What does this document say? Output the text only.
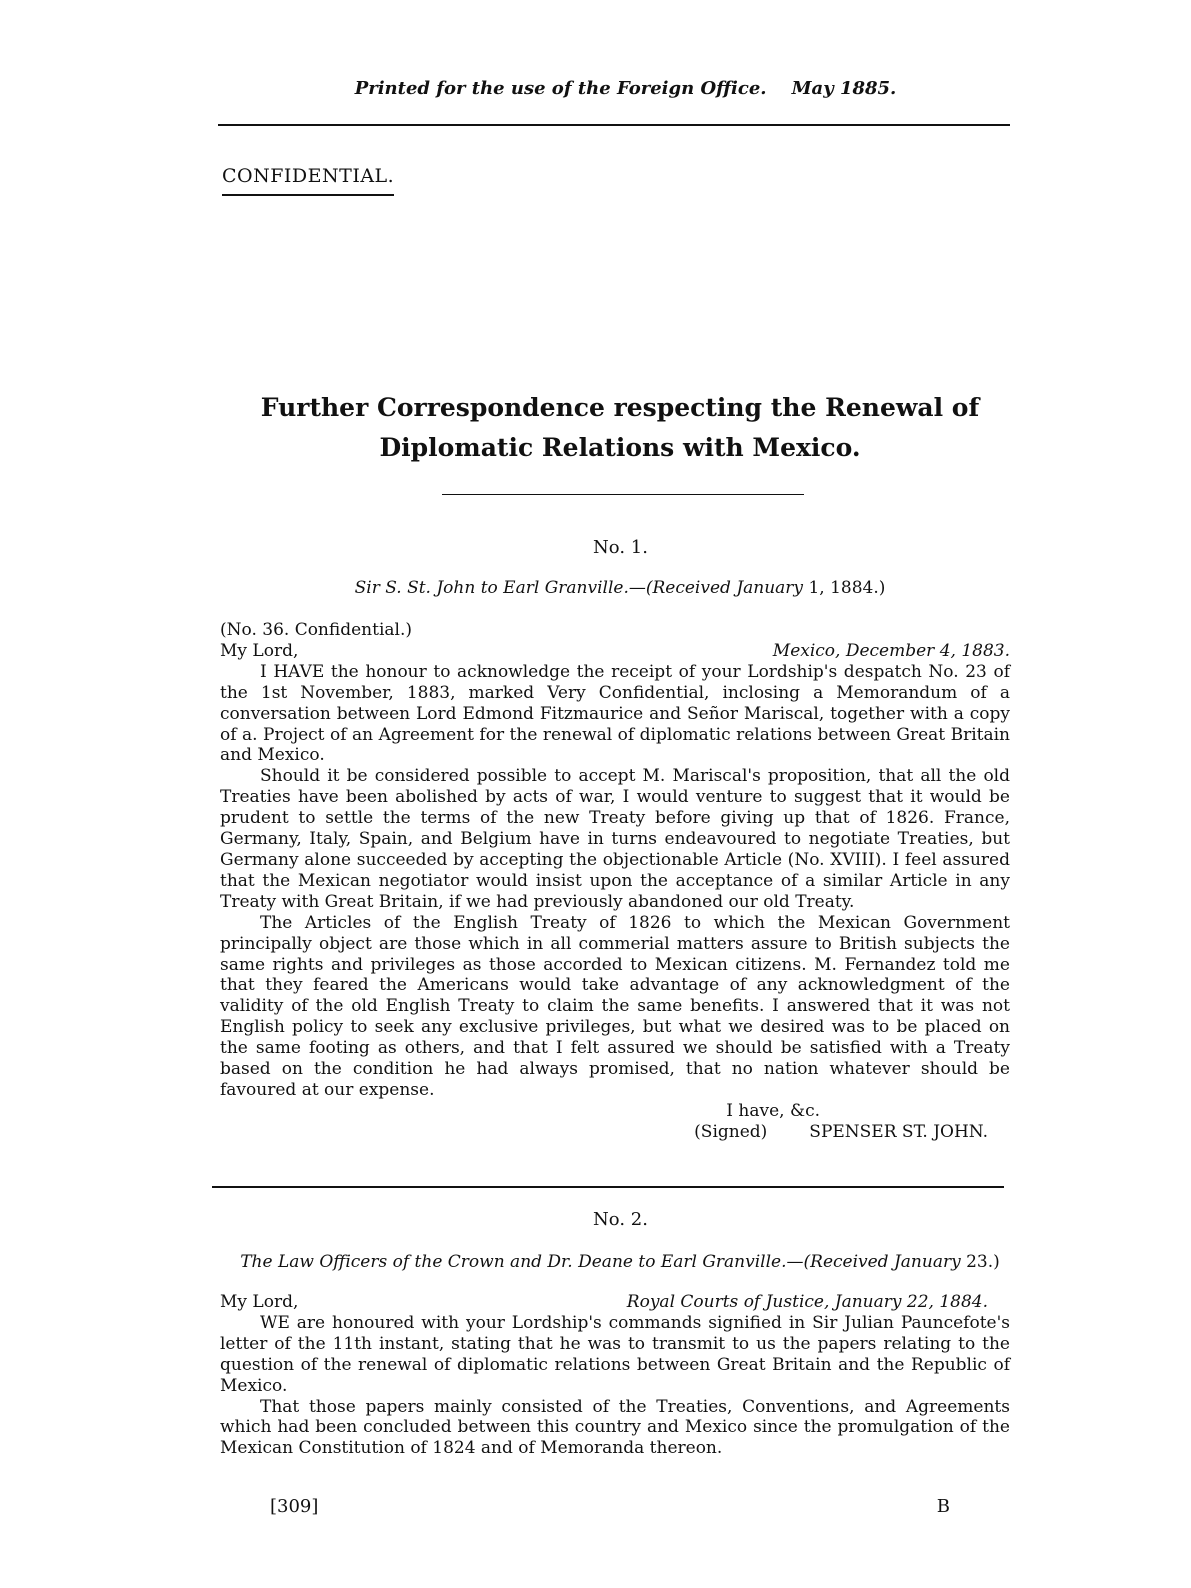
Printed for the use of the Foreign Office. May 1885.
CONFIDENTIAL.
Further Correspondence respecting the Renewal of Diplomatic Relations with Mexico.
No. 1.
Sir S. St. John to Earl Granville.—(Received January 1, 1884.)

(No. 36. Confidential.)

My Lord,	Mexico, December 4, 1883.

I HAVE the honour to acknowledge the receipt of your Lordship's despatch No. 23 of the 1st November, 1883, marked Very Confidential, inclosing a Memorandum of a conversation between Lord Edmond Fitzmaurice and Señor Mariscal, together with a copy of a. Project of an Agreement for the renewal of diplomatic relations between Great Britain and Mexico.

Should it be considered possible to accept M. Mariscal's proposition, that all the old Treaties have been abolished by acts of war, I would venture to suggest that it would be prudent to settle the terms of the new Treaty before giving up that of 1826. France, Germany, Italy, Spain, and Belgium have in turns endeavoured to negotiate Treaties, but Germany alone succeeded by accepting the objectionable Article (No. XVIII). I feel assured that the Mexican negotiator would insist upon the acceptance of a similar Article in any Treaty with Great Britain, if we had previously abandoned our old Treaty.

The Articles of the English Treaty of 1826 to which the Mexican Government principally object are those which in all commerial matters assure to British subjects the same rights and privileges as those accorded to Mexican citizens. M. Fernandez told me that they feared the Americans would take advantage of any acknowledgment of the validity of the old English Treaty to claim the same benefits. I answered that it was not English policy to seek any exclusive privileges, but what we desired was to be placed on the same footing as others, and that I felt assured we should be satisfied with a Treaty based on the condition he had always promised, that no nation whatever should be favoured at our expense.

I have, &c.

(Signed) SPENSER ST. JOHN.
No. 2.
The Law Officers of the Crown and Dr. Deane to Earl Granville.—(Received January 23.)
My Lord,	Royal Courts of Justice, January 22, 1884.

WE are honoured with your Lordship's commands signified in Sir Julian Pauncefote's letter of the 11th instant, stating that he was to transmit to us the papers relating to the question of the renewal of diplomatic relations between Great Britain and the Republic of Mexico.

That those papers mainly consisted of the Treaties, Conventions, and Agreements which had been concluded between this country and Mexico since the promulgation of the Mexican Constitution of 1824 and of Memoranda thereon.

[309]	B
